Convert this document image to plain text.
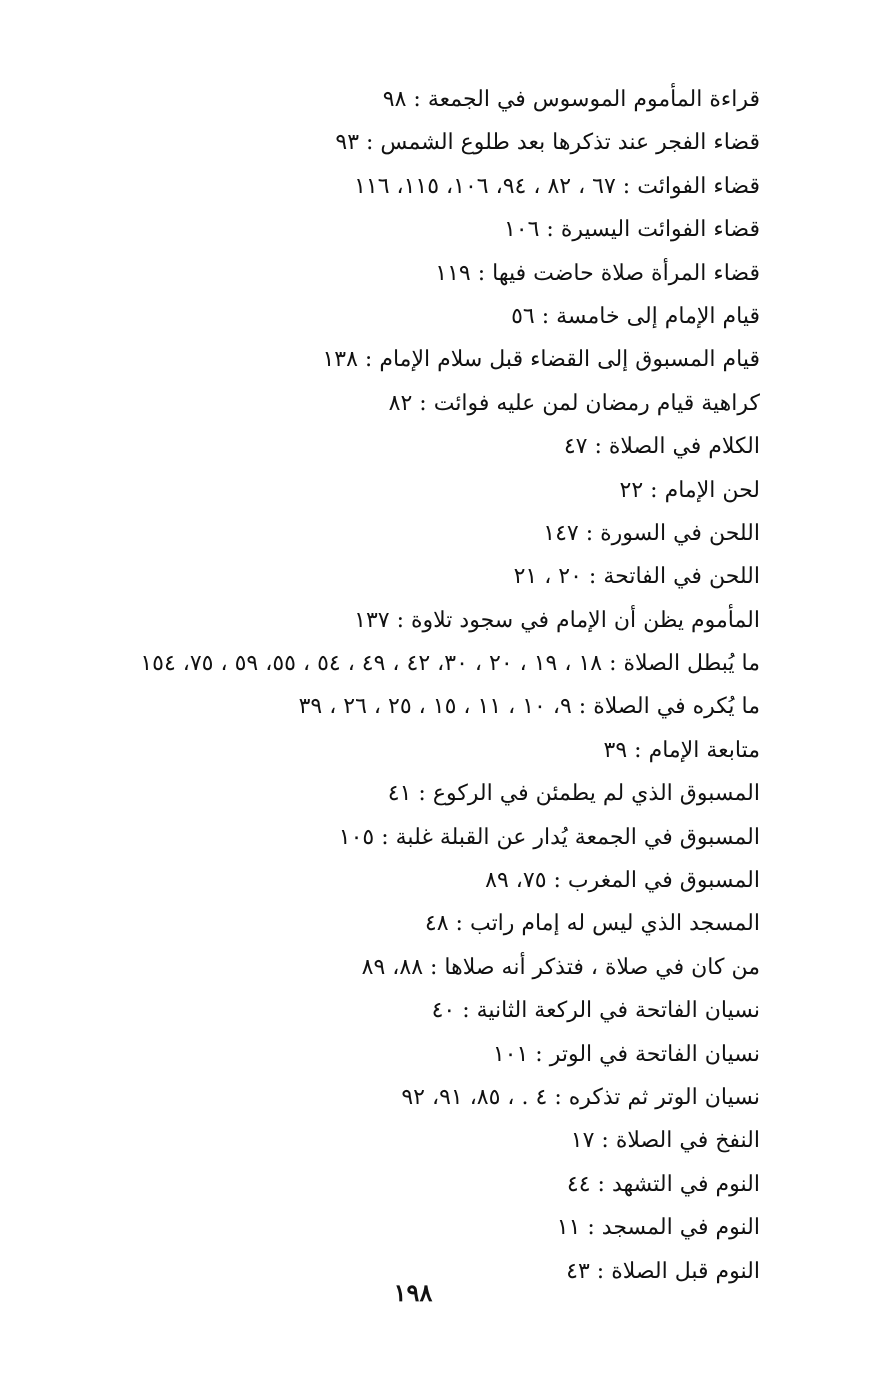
قراءة المأموم الموسوس في الجمعة : ٩٨
قضاء الفجر عند تذكرها بعد طلوع الشمس : ٩٣
قضاء الفوائت : ٦٧ ، ٨٢ ، ٩٤، ١٠٦، ١١٥، ١١٦
قضاء الفوائت اليسيرة : ١٠٦
قضاء المرأة صلاة حاضت فيها : ١١٩
قيام الإمام إلى خامسة : ٥٦
قيام المسبوق إلى القضاء قبل سلام الإمام : ١٣٨
كراهية قيام رمضان لمن عليه فوائت : ٨٢
الكلام في الصلاة : ٤٧
لحن الإمام : ٢٢
اللحن في السورة : ١٤٧
اللحن في الفاتحة : ٢٠ ، ٢١
المأموم يظن أن الإمام في سجود تلاوة : ١٣٧
ما يُبطل الصلاة : ١٨ ، ١٩ ، ٢٠ ، ٣٠، ٤٢ ، ٤٩ ، ٥٤ ، ٥٥، ٥٩ ، ٧٥، ١٥٤
ما يُكره في الصلاة : ٩، ١٠ ، ١١ ، ١٥ ، ٢٥ ، ٢٦ ، ٣٩
متابعة الإمام : ٣٩
المسبوق الذي لم يطمئن في الركوع : ٤١
المسبوق في الجمعة يُدار عن القبلة غلبة : ١٠٥
المسبوق في المغرب : ٧٥، ٨٩
المسجد الذي ليس له إمام راتب : ٤٨
من كان في صلاة ، فتذكر أنه صلاها : ٨٨، ٨٩
نسيان الفاتحة في الركعة الثانية : ٤٠
نسيان الفاتحة في الوتر : ١٠١
نسيان الوتر ثم تذكره : ٤ . ، ٨٥، ٩١، ٩٢
النفخ في الصلاة : ١٧
النوم في التشهد : ٤٤
النوم في المسجد : ١١
النوم قبل الصلاة : ٤٣
١٩٨
